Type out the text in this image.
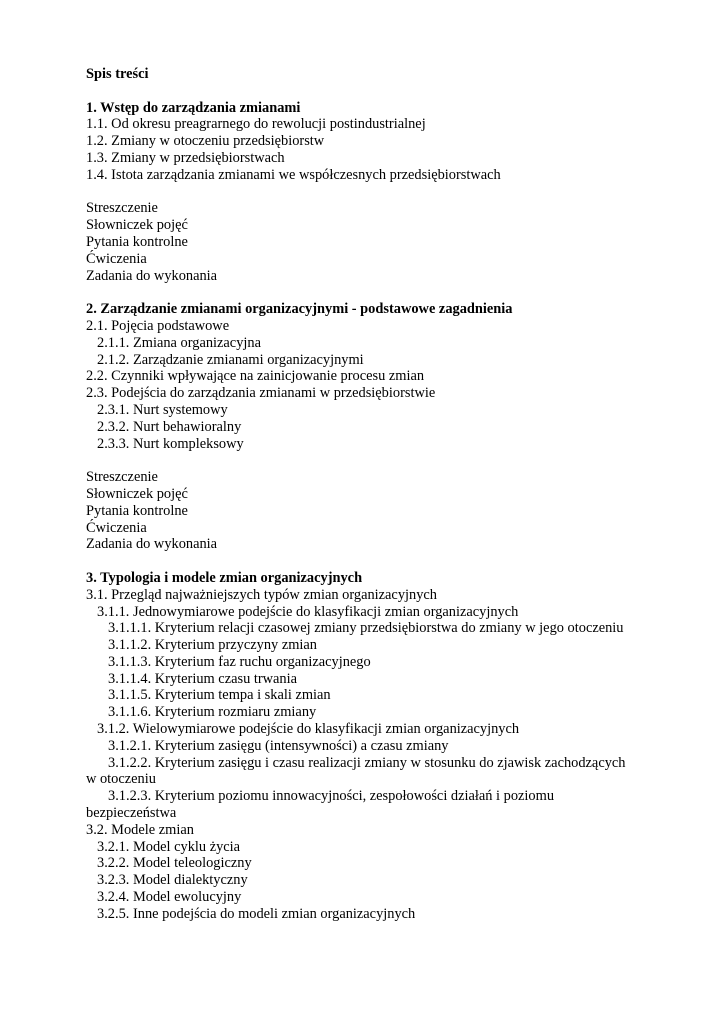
Spis treści
1. Wstęp do zarządzania zmianami
1.1. Od okresu preagrarnego do rewolucji postindustrialnej
1.2. Zmiany w otoczeniu przedsiębiorstw
1.3. Zmiany w przedsiębiorstwach
1.4. Istota zarządzania zmianami we współczesnych przedsiębiorstwach
Streszczenie
Słowniczek pojęć
Pytania kontrolne
Ćwiczenia
Zadania do wykonania
2. Zarządzanie zmianami organizacyjnymi - podstawowe zagadnienia
2.1. Pojęcia podstawowe
2.1.1. Zmiana organizacyjna
2.1.2. Zarządzanie zmianami organizacyjnymi
2.2. Czynniki wpływające na zainicjowanie procesu zmian
2.3. Podejścia do zarządzania zmianami w przedsiębiorstwie
2.3.1. Nurt systemowy
2.3.2. Nurt behawioralny
2.3.3. Nurt kompleksowy
Streszczenie
Słowniczek pojęć
Pytania kontrolne
Ćwiczenia
Zadania do wykonania
3. Typologia i modele zmian organizacyjnych
3.1. Przegląd najważniejszych typów zmian organizacyjnych
3.1.1. Jednowymiarowe podejście do klasyfikacji zmian organizacyjnych
3.1.1.1. Kryterium relacji czasowej zmiany przedsiębiorstwa do zmiany w jego otoczeniu
3.1.1.2. Kryterium przyczyny zmian
3.1.1.3. Kryterium faz ruchu organizacyjnego
3.1.1.4. Kryterium czasu trwania
3.1.1.5. Kryterium tempa i skali zmian
3.1.1.6. Kryterium rozmiaru zmiany
3.1.2. Wielowymiarowe podejście do klasyfikacji zmian organizacyjnych
3.1.2.1. Kryterium zasięgu (intensywności) a czasu zmiany
3.1.2.2. Kryterium zasięgu i czasu realizacji zmiany w stosunku do zjawisk zachodzących
w otoczeniu
3.1.2.3. Kryterium poziomu innowacyjności, zespołowości działań i poziomu
bezpieczeństwa
3.2. Modele zmian
3.2.1. Model cyklu życia
3.2.2. Model teleologiczny
3.2.3. Model dialektyczny
3.2.4. Model ewolucyjny
3.2.5. Inne podejścia do modeli zmian organizacyjnych
